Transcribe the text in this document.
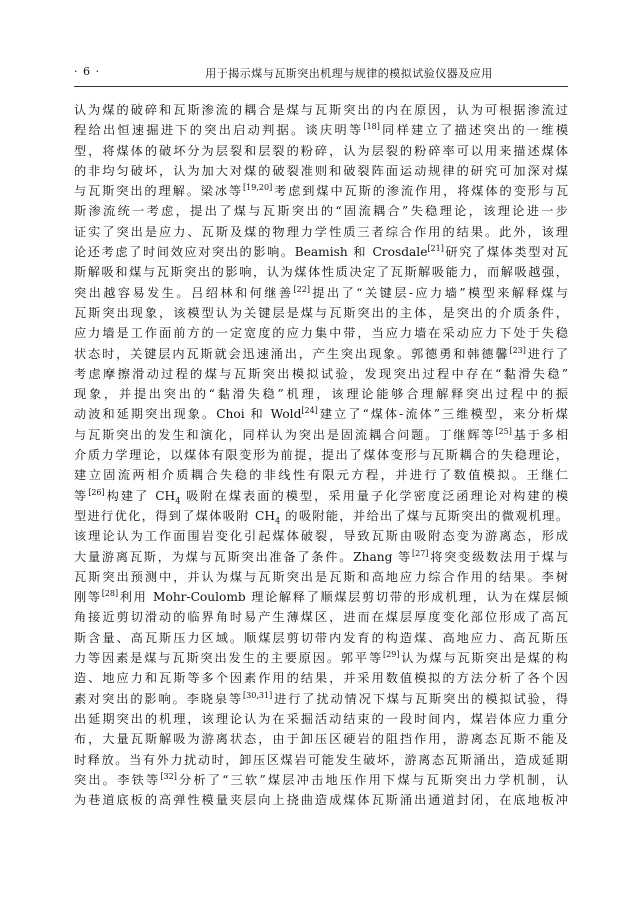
· 6 ·	用于揭示煤与瓦斯突出机理与规律的模拟试验仪器及应用
认为煤的破碎和瓦斯渗流的耦合是煤与瓦斯突出的内在原因，认为可根据渗流过
程给出恒速掘进下的突出启动判据。谈庆明等[18]同样建立了描述突出的一维模
型，将煤体的破坏分为层裂和层裂的粉碎，认为层裂的粉碎率可以用来描述煤体
的非均匀破坏，认为加大对煤的破裂准则和破裂阵面运动规律的研究可加深对煤
与瓦斯突出的理解。梁冰等[19,20]考虑到煤中瓦斯的渗流作用，将煤体的变形与瓦
斯渗流统一考虑，提出了煤与瓦斯突出的“固流耦合”失稳理论，该理论进一步
证实了突出是应力、瓦斯及煤的物理力学性质三者综合作用的结果。此外，该理
论还考虑了时间效应对突出的影响。Beamish 和 Crosdale[21]研究了煤体类型对瓦
斯解吸和煤与瓦斯突出的影响，认为煤体性质决定了瓦斯解吸能力，而解吸越强，
突出越容易发生。吕绍林和何继善[22]提出了“关键层-应力墙”模型来解释煤与
瓦斯突出现象，该模型认为关键层是煤与瓦斯突出的主体，是突出的介质条件，
应力墙是工作面前方的一定宽度的应力集中带，当应力墙在采动应力下处于失稳
状态时，关键层内瓦斯就会迅速涌出，产生突出现象。郭德勇和韩德馨[23]进行了
考虑摩擦滑动过程的煤与瓦斯突出模拟试验，发现突出过程中存在“黏滑失稳”
现象，并提出突出的“黏滑失稳”机理，该理论能够合理解释突出过程中的振
动波和延期突出现象。Choi 和 Wold[24]建立了“煤体-流体”三维模型，来分析煤
与瓦斯突出的发生和演化，同样认为突出是固流耦合问题。丁继辉等[25]基于多相
介质力学理论，以煤体有限变形为前提，提出了煤体变形与瓦斯耦合的失稳理论，
建立固流两相介质耦合失稳的非线性有限元方程，并进行了数值模拟。王继仁
等[26]构建了 $CH_4$ 吸附在煤表面的模型，采用量子化学密度泛函理论对构建的模
型进行优化，得到了煤体吸附 $CH_4$ 的吸附能，并给出了煤与瓦斯突出的微观机理。
该理论认为工作面围岩变化引起煤体破裂，导致瓦斯由吸附态变为游离态，形成
大量游离瓦斯，为煤与瓦斯突出准备了条件。Zhang 等[27]将突变级数法用于煤与
瓦斯突出预测中，并认为煤与瓦斯突出是瓦斯和高地应力综合作用的结果。李树
刚等[28]利用 Mohr-Coulomb 理论解释了顺煤层剪切带的形成机理，认为在煤层倾
角接近剪切滑动的临界角时易产生薄煤区，进而在煤层厚度变化部位形成了高瓦
斯含量、高瓦斯压力区域。顺煤层剪切带内发育的构造煤、高地应力、高瓦斯压
力等因素是煤与瓦斯突出发生的主要原因。郭平等[29]认为煤与瓦斯突出是煤的构
造、地应力和瓦斯等多个因素作用的结果，并采用数值模拟的方法分析了各个因
素对突出的影响。李晓泉等[30,31]进行了扰动情况下煤与瓦斯突出的模拟试验，得
出延期突出的机理，该理论认为在采掘活动结束的一段时间内，煤岩体应力重分
布，大量瓦斯解吸为游离状态，由于卸压区硬岩的阻挡作用，游离态瓦斯不能及
时释放。当有外力扰动时，卸压区煤岩可能发生破坏，游离态瓦斯涌出，造成延期
突出。李铁等[32]分析了“三软”煤层冲击地压作用下煤与瓦斯突出力学机制，认
为巷道底板的高弹性模量夹层向上挠曲造成煤体瓦斯涌出通道封闭，在底地板冲
